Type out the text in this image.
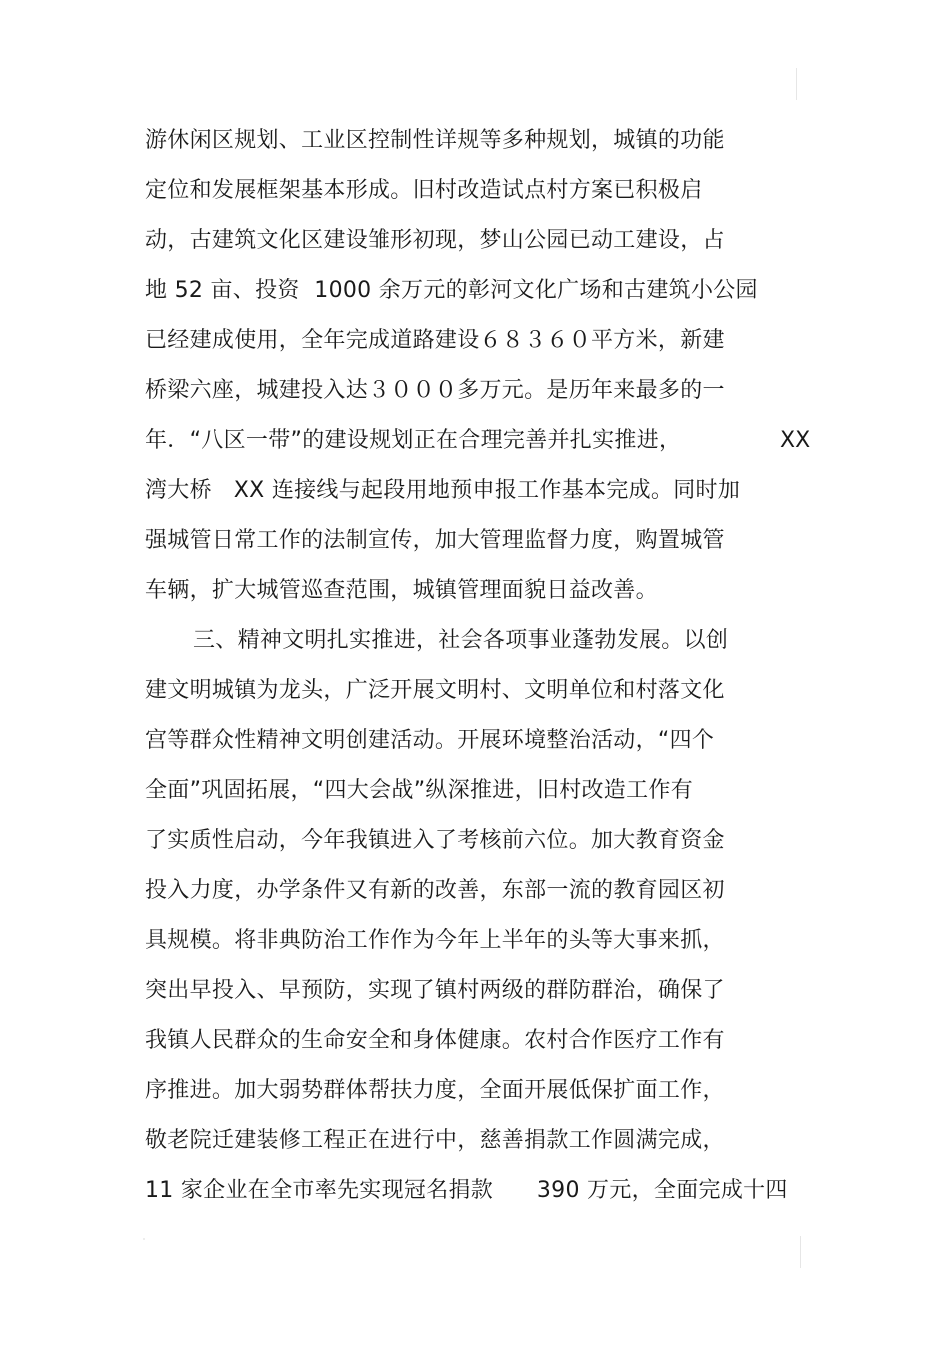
游休闲区规划、工业区控制性详规等多种规划，城镇的功能
定位和发展框架基本形成。旧村改造试点村方案已积极启
动，古建筑文化区建设雏形初现，梦山公园已动工建设，占
地 52 亩、投资  1000 余万元的彰河文化广场和古建筑小公园
已经建成使用，全年完成道路建设６８３６０平方米，新建
桥梁六座，城建投入达３０００多万元。是历年来最多的一
年．“八区一带”的建设规划正在合理完善并扎实推进，	XX
湾大桥   XX 连接线与起段用地预申报工作基本完成。同时加
强城管日常工作的法制宣传，加大管理监督力度，购置城管
车辆，扩大城管巡查范围，城镇管理面貌日益改善。
三、精神文明扎实推进，社会各项事业蓬勃发展。以创
建文明城镇为龙头，广泛开展文明村、文明单位和村落文化
宫等群众性精神文明创建活动。开展环境整治活动，“四个
全面”巩固拓展，“四大会战”纵深推进，旧村改造工作有
了实质性启动，今年我镇进入了考核前六位。加大教育资金
投入力度，办学条件又有新的改善，东部一流的教育园区初
具规模。将非典防治工作作为今年上半年的头等大事来抓，
突出早投入、早预防，实现了镇村两级的群防群治，确保了
我镇人民群众的生命安全和身体健康。农村合作医疗工作有
序推进。加大弱势群体帮扶力度，全面开展低保扩面工作，
敬老院迁建装修工程正在进行中，慈善捐款工作圆满完成，
11 家企业在全市率先实现冠名捐款      390 万元，全面完成十四
